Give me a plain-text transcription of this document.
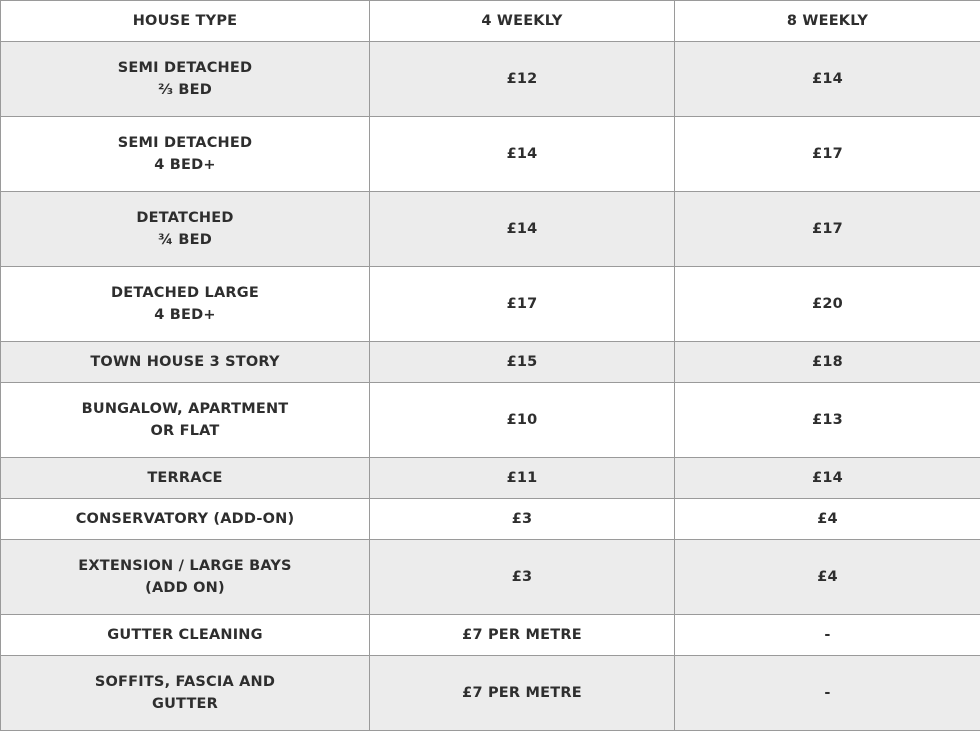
HOUSE TYPE	4 WEEKLY	8 WEEKLY

SEMI DETACHED
⅔ BED	£12	£14

SEMI DETACHED
4 BED+	£14	£17

DETATCHED
¾ BED	£14	£17

DETACHED LARGE
4 BED+	£17	£20

TOWN HOUSE 3 STORY	£15	£18

BUNGALOW, APARTMENT
OR FLAT	£10	£13

TERRACE	£11	£14

CONSERVATORY (ADD-ON)	£3	£4

EXTENSION / LARGE BAYS
(ADD ON)	£3	£4

GUTTER CLEANING	£7 PER METRE	-

SOFFITS, FASCIA AND
GUTTER	£7 PER METRE	-
